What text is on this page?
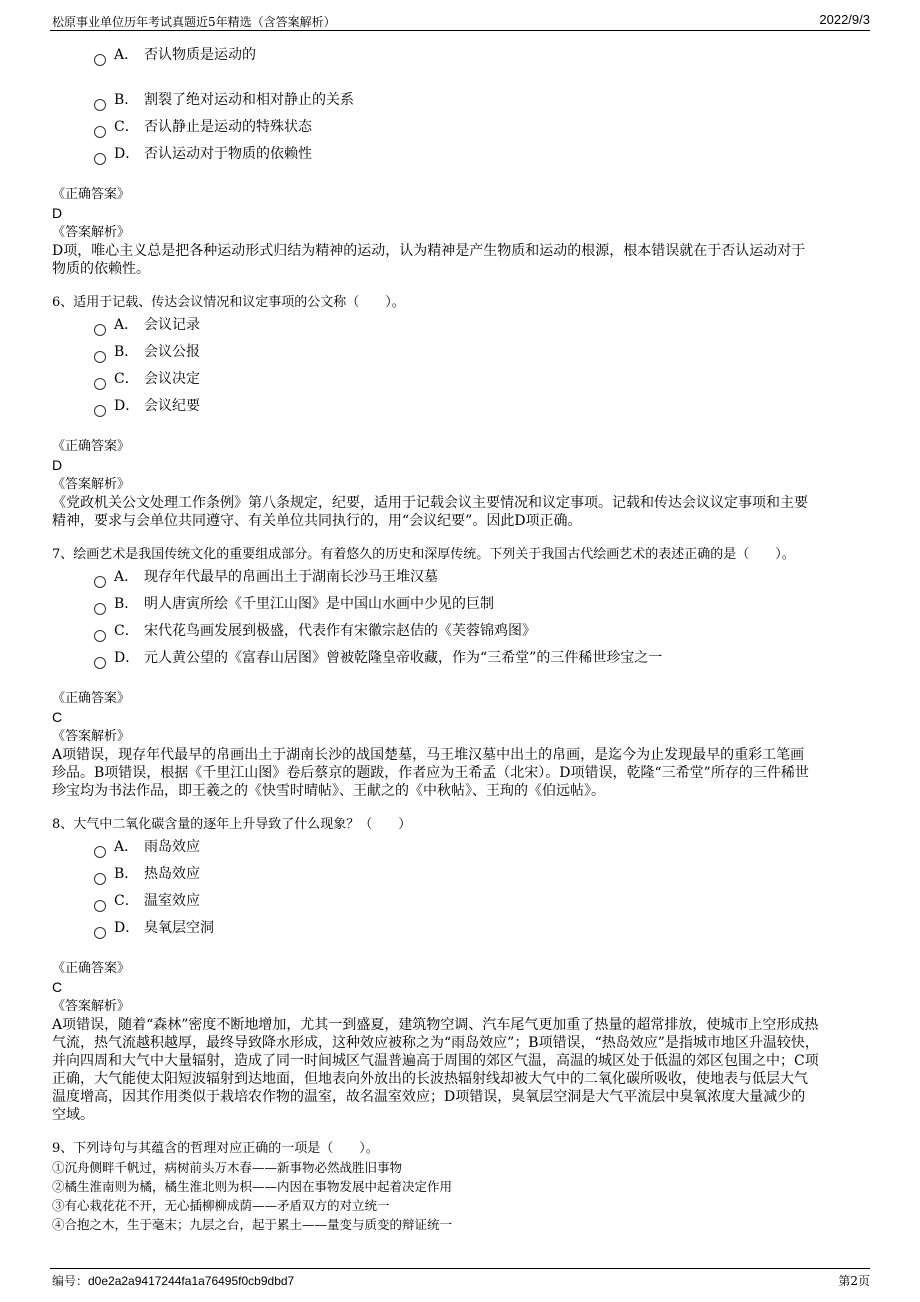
松原事业单位历年考试真题近5年精选（含答案解析）	2022/9/3
A． 否认物质是运动的
B． 割裂了绝对运动和相对静止的关系
C． 否认静止是运动的特殊状态
D． 否认运动对于物质的依赖性
《正确答案》
D
《答案解析》
D项，唯心主义总是把各种运动形式归结为精神的运动，认为精神是产生物质和运动的根源，根本错误就在于否认运动对于
物质的依赖性。
6、适用于记载、传达会议情况和议定事项的公文称（　　）。
A． 会议记录
B． 会议公报
C． 会议决定
D． 会议纪要
《正确答案》
D
《答案解析》
《党政机关公文处理工作条例》第八条规定，纪要，适用于记载会议主要情况和议定事项。记载和传达会议议定事项和主要
精神，要求与会单位共同遵守、有关单位共同执行的，用“会议纪要”。因此D项正确。
7、绘画艺术是我国传统文化的重要组成部分。有着悠久的历史和深厚传统。下列关于我国古代绘画艺术的表述正确的是（　　）。
A． 现存年代最早的帛画出土于湖南长沙马王堆汉墓
B． 明人唐寅所绘《千里江山图》是中国山水画中少见的巨制
C． 宋代花鸟画发展到极盛，代表作有宋徽宗赵佶的《芙蓉锦鸡图》
D． 元人黄公望的《富春山居图》曾被乾隆皇帝收藏，作为“三希堂”的三件稀世珍宝之一
《正确答案》
C
《答案解析》
A项错误，现存年代最早的帛画出土于湖南长沙的战国楚墓，马王堆汉墓中出土的帛画，是迄今为止发现最早的重彩工笔画
珍品。B项错误，根据《千里江山图》卷后蔡京的题跋，作者应为王希孟（北宋）。D项错误，乾隆“三希堂”所存的三件稀世
珍宝均为书法作品，即王羲之的《快雪时晴帖》、王献之的《中秋帖》、王珣的《伯远帖》。
8、大气中二氧化碳含量的逐年上升导致了什么现象？（　　）
A． 雨岛效应
B． 热岛效应
C． 温室效应
D． 臭氧层空洞
《正确答案》
C
《答案解析》
A项错误，随着“森林”密度不断地增加，尤其一到盛夏，建筑物空调、汽车尾气更加重了热量的超常排放，使城市上空形成热
气流，热气流越积越厚，最终导致降水形成，这种效应被称之为“雨岛效应”；B项错误，“热岛效应”是指城市地区升温较快，
并向四周和大气中大量辐射，造成了同一时间城区气温普遍高于周围的郊区气温，高温的城区处于低温的郊区包围之中；C项
正确，大气能使太阳短波辐射到达地面，但地表向外放出的长波热辐射线却被大气中的二氧化碳所吸收，使地表与低层大气
温度增高，因其作用类似于栽培农作物的温室，故名温室效应；D项错误，臭氧层空洞是大气平流层中臭氧浓度大量减少的
空域。
9、下列诗句与其蕴含的哲理对应正确的一项是（　　）。
①沉舟侧畔千帆过，病树前头万木春——新事物必然战胜旧事物
②橘生淮南则为橘，橘生淮北则为枳——内因在事物发展中起着决定作用
③有心栽花花不开，无心插柳柳成荫——矛盾双方的对立统一
④合抱之木，生于毫末；九层之台，起于累土——量变与质变的辩证统一
编号：d0e2a2a9417244fa1a76495f0cb9dbd7	第2页
